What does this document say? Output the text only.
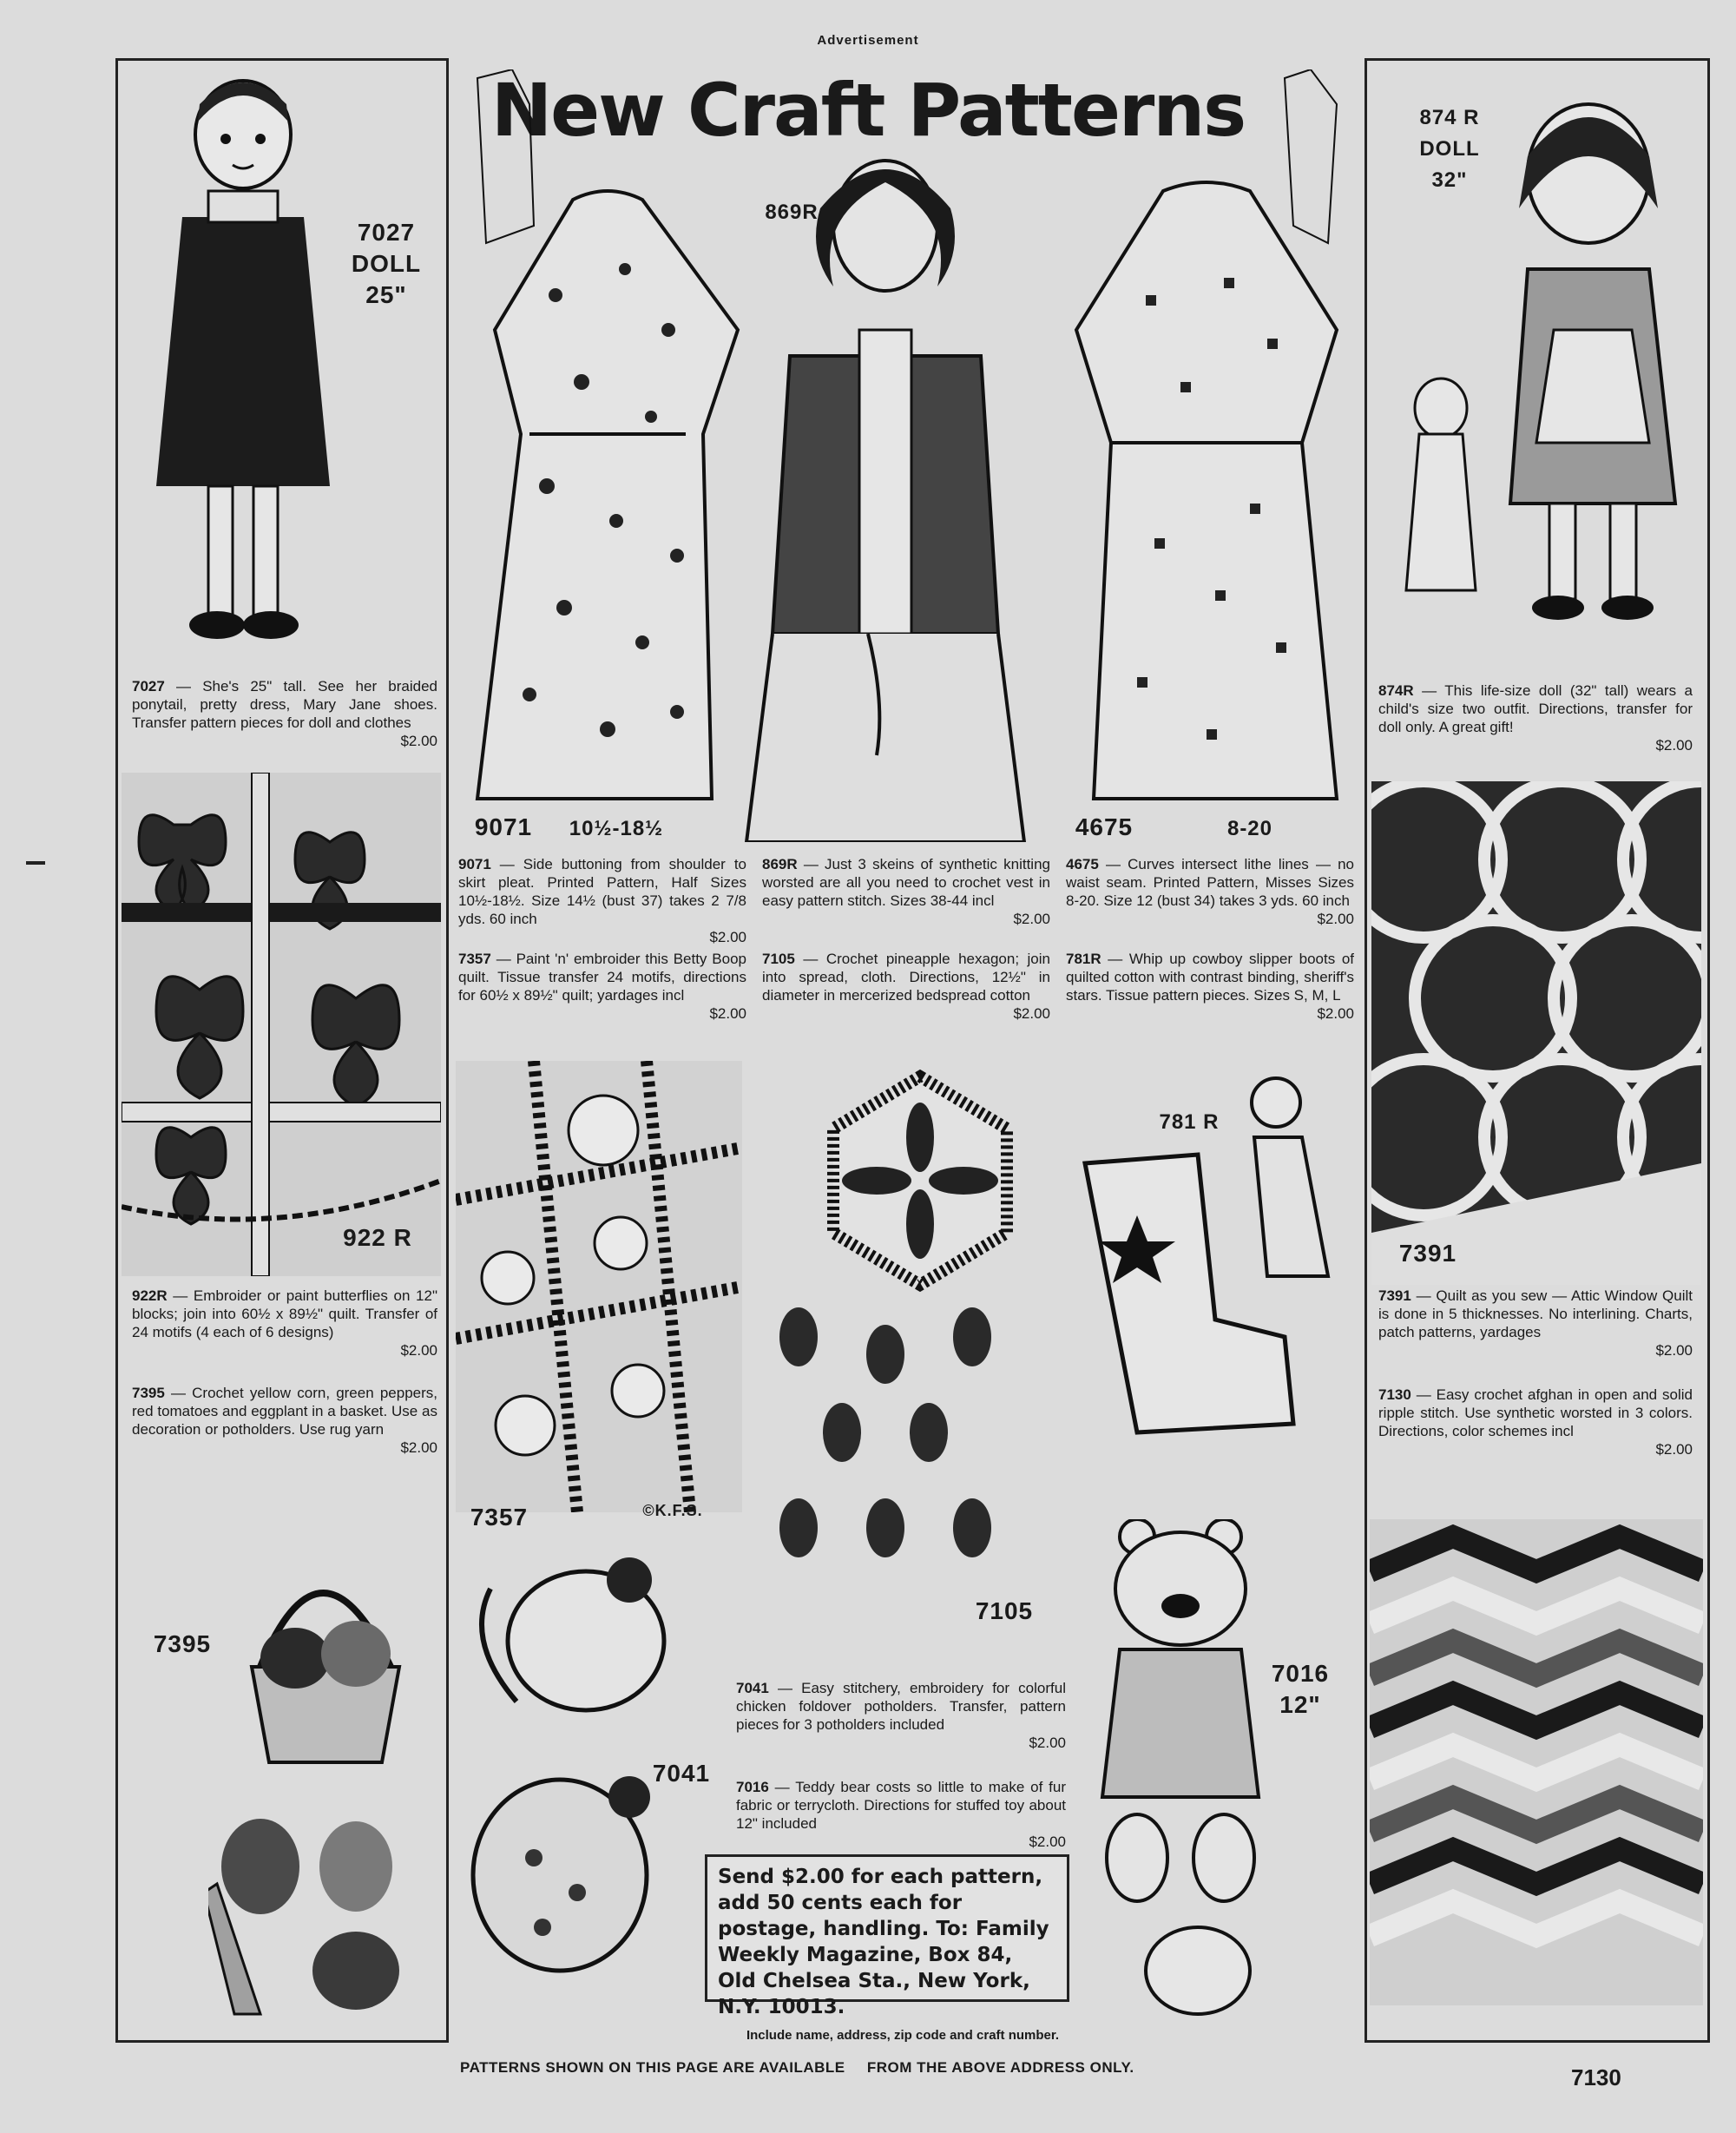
Advertisement
New Craft Patterns
7027
DOLL
25"
7027 — She's 25" tall. See her braided ponytail, pretty dress, Mary Jane shoes. Transfer pattern pieces for doll and clothes
$2.00
922 R
922R — Embroider or paint butterflies on 12" blocks; join into 60½ x 89½" quilt. Transfer of 24 motifs (4 each of 6 designs)
$2.00
7395 — Crochet yellow corn, green peppers, red tomatoes and eggplant in a basket. Use as decoration or potholders. Use rug yarn
$2.00
7395
9071	10½-18½
869R
4675	8-20
9071 — Side buttoning from shoulder to skirt pleat. Printed Pattern, Half Sizes 10½-18½. Size 14½ (bust 37) takes 2 7/8 yds. 60 inch
$2.00
869R — Just 3 skeins of synthetic knitting worsted are all you need to crochet vest in easy pattern stitch. Sizes 38-44 incl
$2.00
4675 — Curves intersect lithe lines — no waist seam. Printed Pattern, Misses Sizes 8-20. Size 12 (bust 34) takes 3 yds. 60 inch
$2.00
7357 — Paint 'n' embroider this Betty Boop quilt. Tissue transfer 24 motifs, directions for 60½ x 89½" quilt; yardages incl
$2.00
7105 — Crochet pineapple hexagon; join into spread, cloth. Directions, 12½" in diameter in mercerized bedspread cotton
$2.00
781R — Whip up cowboy slipper boots of quilted cotton with contrast binding, sheriff's stars. Tissue pattern pieces. Sizes S, M, L
$2.00
7357	©K.F.S.
7105
781 R
7041
7041 — Easy stitchery, embroidery for colorful chicken foldover potholders. Transfer, pattern pieces for 3 potholders included
$2.00
7016 — Teddy bear costs so little to make of fur fabric or terrycloth. Directions for stuffed toy about 12" included
$2.00
7016
12"
Send $2.00 for each pattern, add 50 cents each for postage, handling. To: Family Weekly Magazine, Box 84, Old Chelsea Sta., New York, N.Y. 10013.
874 R
DOLL
32"
874R — This life-size doll (32" tall) wears a child's size two outfit. Directions, transfer for doll only. A great gift!
$2.00
7391
7391 — Quilt as you sew — Attic Window Quilt is done in 5 thicknesses. No interlining. Charts, patch patterns, yardages
$2.00
7130 — Easy crochet afghan in open and solid ripple stitch. Use synthetic worsted in 3 colors. Directions, color schemes incl
$2.00
7130
Include name, address, zip code and craft number.
PATTERNS SHOWN ON THIS PAGE ARE AVAILABLE FROM THE ABOVE ADDRESS ONLY.
